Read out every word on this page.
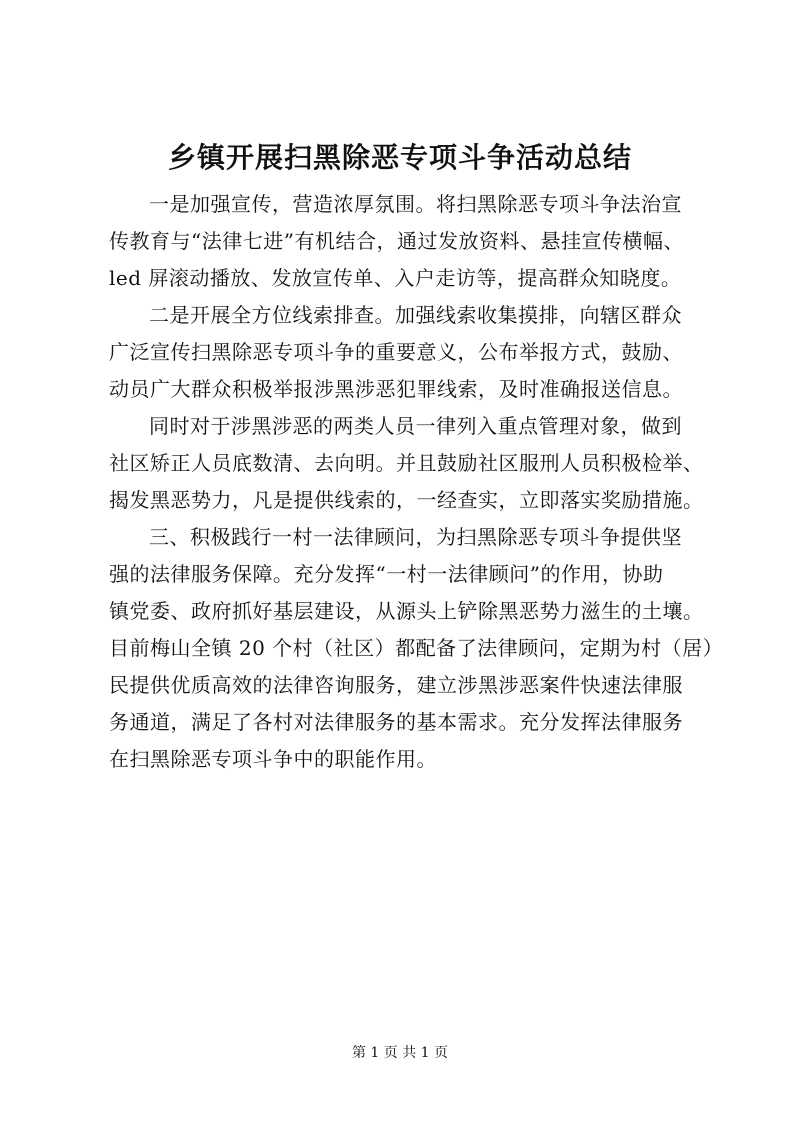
乡镇开展扫黑除恶专项斗争活动总结
一是加强宣传，营造浓厚氛围。将扫黑除恶专项斗争法治宣
传教育与“法律七进”有机结合，通过发放资料、悬挂宣传横幅、
led 屏滚动播放、发放宣传单、入户走访等，提高群众知晓度。
二是开展全方位线索排查。加强线索收集摸排，向辖区群众
广泛宣传扫黑除恶专项斗争的重要意义，公布举报方式，鼓励、
动员广大群众积极举报涉黑涉恶犯罪线索，及时准确报送信息。
同时对于涉黑涉恶的两类人员一律列入重点管理对象，做到
社区矫正人员底数清、去向明。并且鼓励社区服刑人员积极检举、
揭发黑恶势力，凡是提供线索的，一经查实，立即落实奖励措施。
三、积极践行一村一法律顾问，为扫黑除恶专项斗争提供坚
强的法律服务保障。充分发挥“一村一法律顾问”的作用，协助
镇党委、政府抓好基层建设，从源头上铲除黑恶势力滋生的土壤。
目前梅山全镇 20 个村（社区）都配备了法律顾问，定期为村（居）
民提供优质高效的法律咨询服务，建立涉黑涉恶案件快速法律服
务通道，满足了各村对法律服务的基本需求。充分发挥法律服务
在扫黑除恶专项斗争中的职能作用。
第 1 页 共 1 页
